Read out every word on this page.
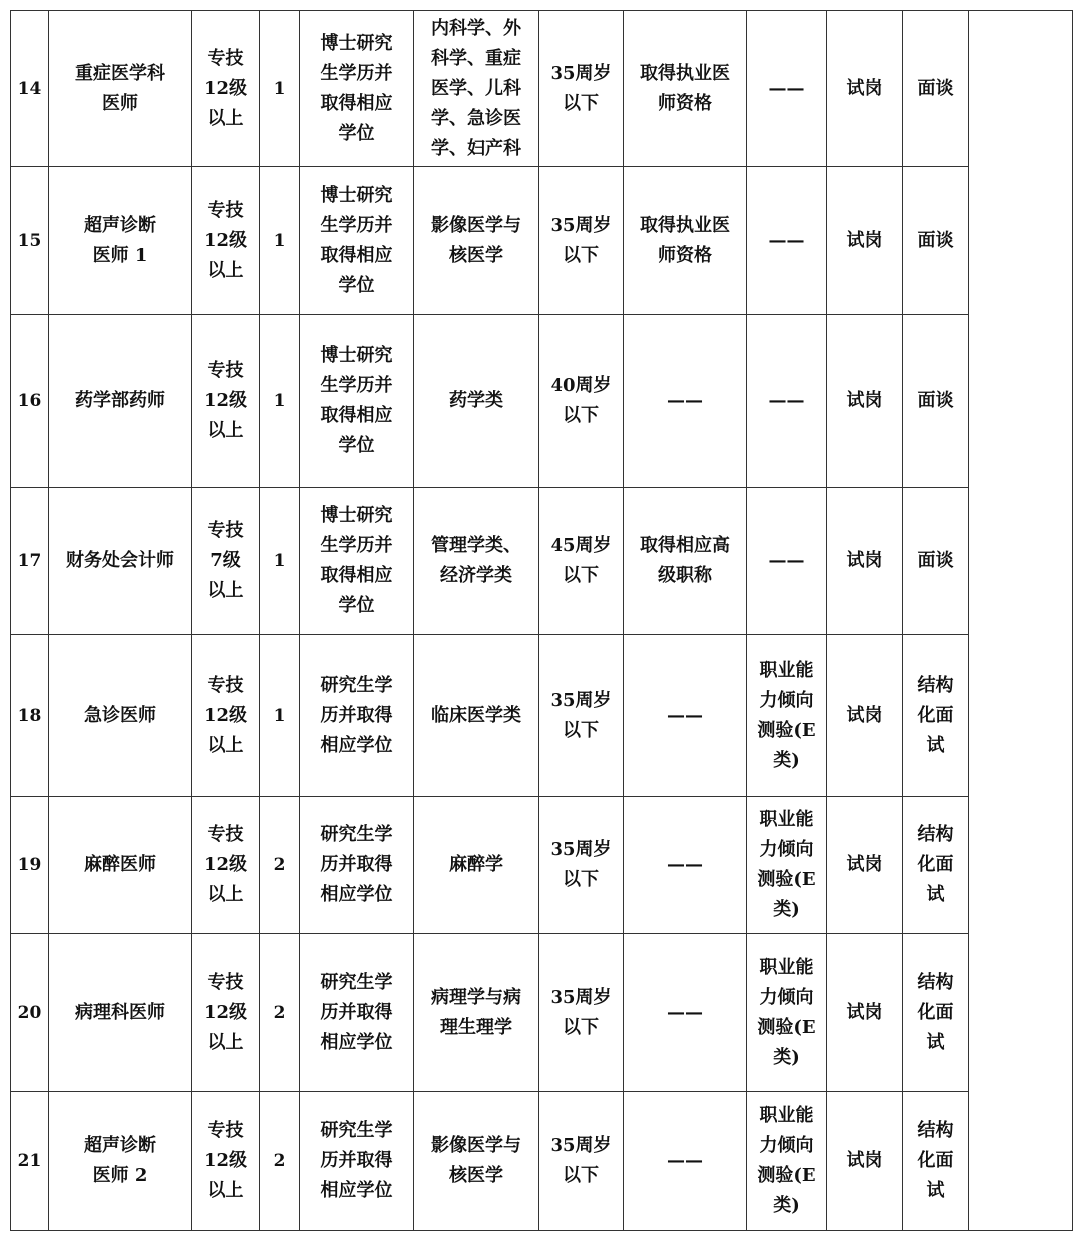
14	重症医学科
医师	专技
12级
以上	1	博士研究
生学历并
取得相应
学位	内科学、外
科学、重症
医学、儿科
学、急诊医
学、妇产科	35周岁
以下	取得执业医
师资格	——	试岗	面谈	
15	超声诊断
医师 1	专技
12级
以上	1	博士研究
生学历并
取得相应
学位	影像医学与
核医学	35周岁
以下	取得执业医
师资格	——	试岗	面谈	
16	药学部药师	专技
12级
以上	1	博士研究
生学历并
取得相应
学位	药学类	40周岁
以下	——	——	试岗	面谈	
17	财务处会计师	专技
7级
以上	1	博士研究
生学历并
取得相应
学位	管理学类、
经济学类	45周岁
以下	取得相应高
级职称	——	试岗	面谈	
18	急诊医师	专技
12级
以上	1	研究生学
历并取得
相应学位	临床医学类	35周岁
以下	——	职业能
力倾向
测验(E
类)	试岗	结构
化面
试	
19	麻醉医师	专技
12级
以上	2	研究生学
历并取得
相应学位	麻醉学	35周岁
以下	——	职业能
力倾向
测验(E
类)	试岗	结构
化面
试	
20	病理科医师	专技
12级
以上	2	研究生学
历并取得
相应学位	病理学与病
理生理学	35周岁
以下	——	职业能
力倾向
测验(E
类)	试岗	结构
化面
试	
21	超声诊断
医师 2	专技
12级
以上	2	研究生学
历并取得
相应学位	影像医学与
核医学	35周岁
以下	——	职业能
力倾向
测验(E
类)	试岗	结构
化面
试	
